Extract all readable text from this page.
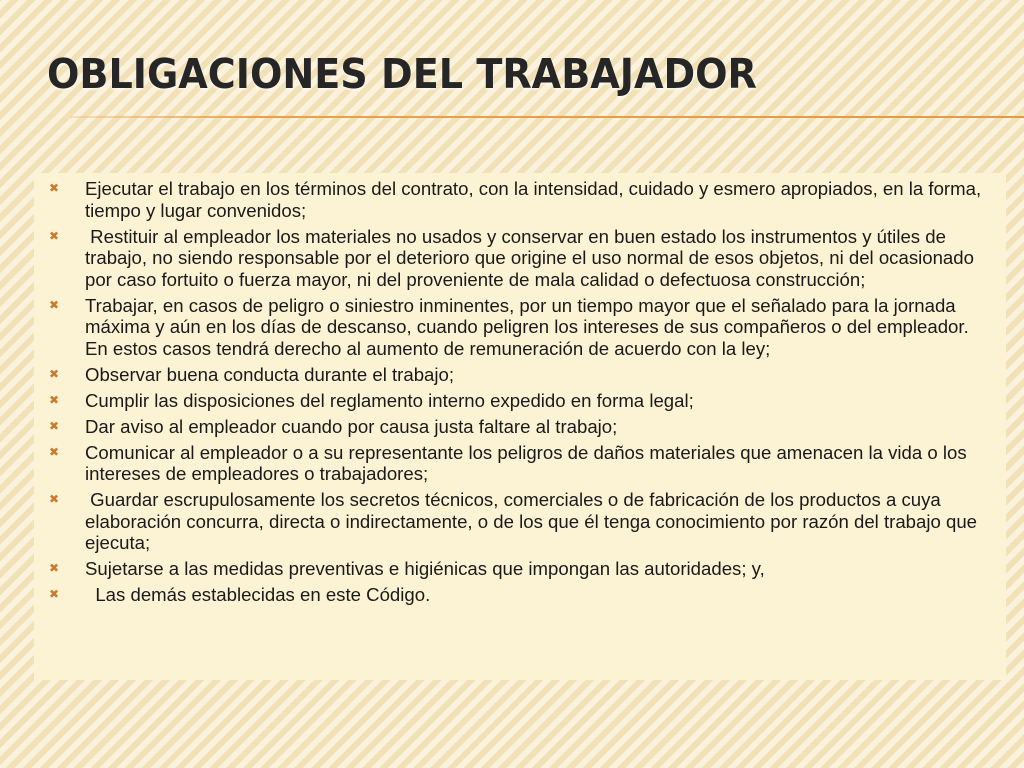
OBLIGACIONES DEL TRABAJADOR
✖	Ejecutar el trabajo en los términos del contrato, con la intensidad, cuidado y esmero apropiados, en la forma, tiempo y lugar convenidos;
✖	Restituir al empleador los materiales no usados y conservar en buen estado los instrumentos y útiles de trabajo, no siendo responsable por el deterioro que origine el uso normal de esos objetos, ni del ocasionado por caso fortuito o fuerza mayor, ni del proveniente de mala calidad o defectuosa construcción;
✖	Trabajar, en casos de peligro o siniestro inminentes, por un tiempo mayor que el señalado para la jornada máxima y aún en los días de descanso, cuando peligren los intereses de sus compañeros o del empleador. En estos casos tendrá derecho al aumento de remuneración de acuerdo con la ley;
✖	Observar buena conducta durante el trabajo;
✖	Cumplir las disposiciones del reglamento interno expedido en forma legal;
✖	Dar aviso al empleador cuando por causa justa faltare al trabajo;
✖	Comunicar al empleador o a su representante los peligros de daños materiales que amenacen la vida o los intereses de empleadores o trabajadores;
✖	Guardar escrupulosamente los secretos técnicos, comerciales o de fabricación de los productos a cuya elaboración concurra, directa o indirectamente, o de los que él tenga conocimiento por razón del trabajo que ejecuta;
✖	Sujetarse a las medidas preventivas e higiénicas que impongan las autoridades; y,
✖	Las demás establecidas en este Código.
